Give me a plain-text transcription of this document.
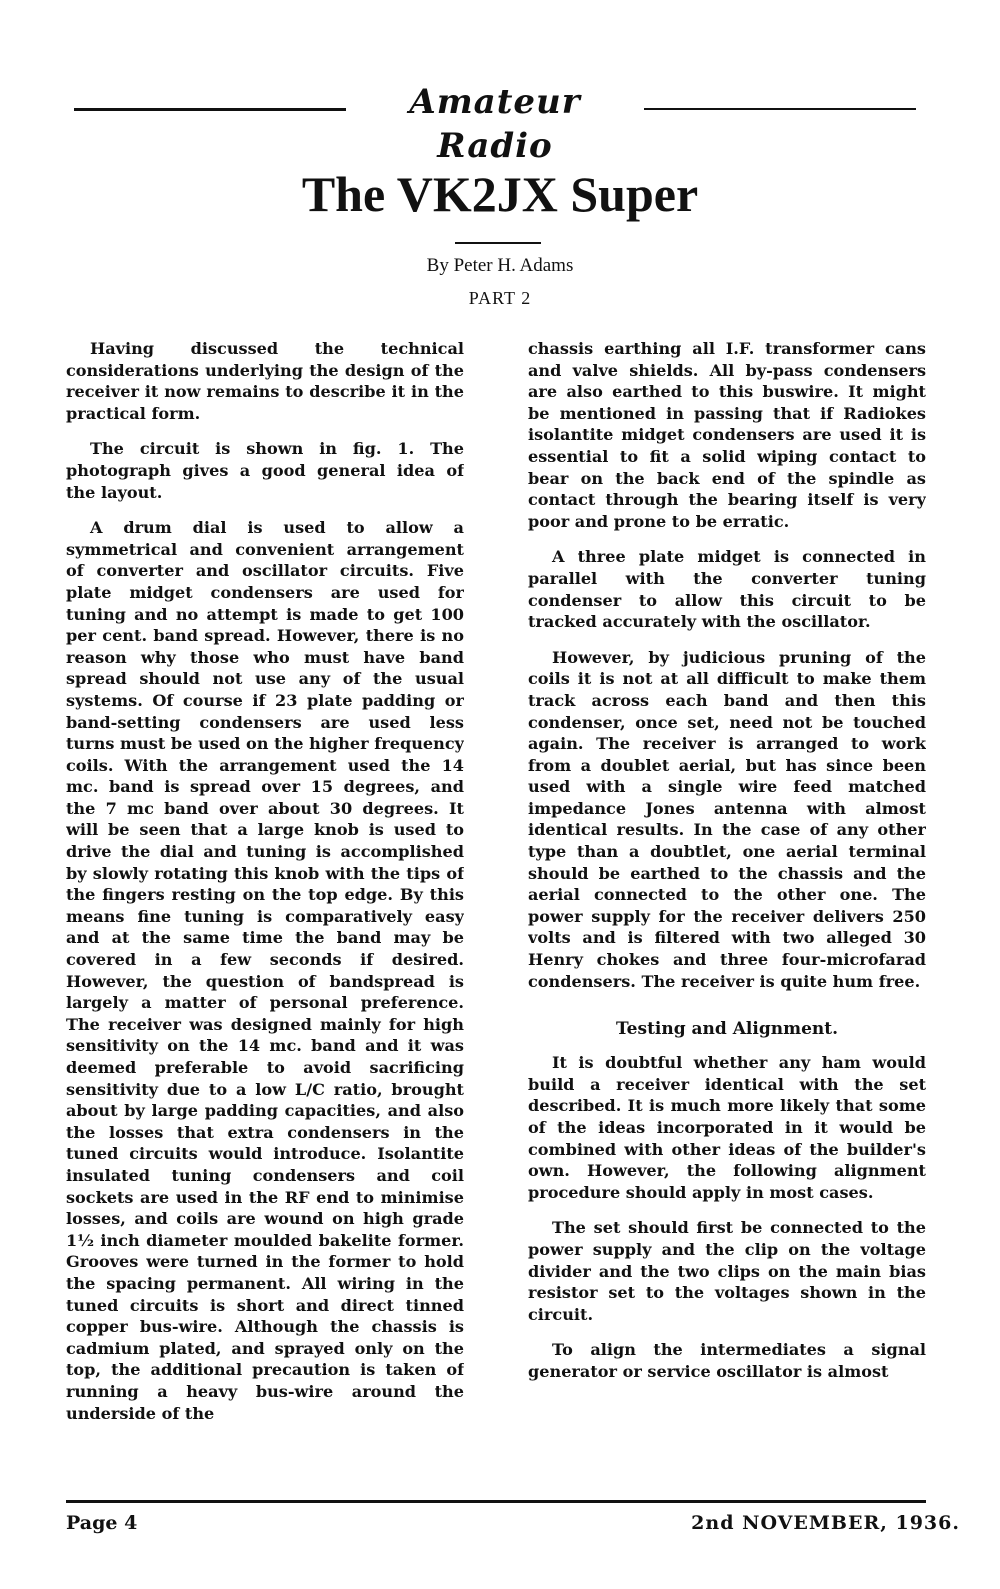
Amateur Radio
The VK2JX Super
By Peter H. Adams
PART 2

Having discussed the technical considerations underlying the design of the receiver it now remains to describe it in the practical form.

The circuit is shown in fig. 1. The photograph gives a good general idea of the layout.

A drum dial is used to allow a symmetrical and convenient arrangement of converter and oscillator circuits. Five plate midget condensers are used for tuning and no attempt is made to get 100 per cent. band spread. However, there is no reason why those who must have band spread should not use any of the usual systems. Of course if 23 plate padding or band-setting condensers are used less turns must be used on the higher frequency coils. With the arrangement used the 14 mc. band is spread over 15 degrees, and the 7 mc band over about 30 degrees. It will be seen that a large knob is used to drive the dial and tuning is accomplished by slowly rotating this knob with the tips of the fingers resting on the top edge. By this means fine tuning is comparatively easy and at the same time the band may be covered in a few seconds if desired. However, the question of bandspread is largely a matter of personal preference. The receiver was designed mainly for high sensitivity on the 14 mc. band and it was deemed preferable to avoid sacrificing sensitivity due to a low L/C ratio, brought about by large padding capacities, and also the losses that extra condensers in the tuned circuits would introduce. Isolantite insulated tuning condensers and coil sockets are used in the RF end to minimise losses, and coils are wound on high grade 1½ inch diameter moulded bakelite former. Grooves were turned in the former to hold the spacing permanent. All wiring in the tuned circuits is short and direct tinned copper bus-wire. Although the chassis is cadmium plated, and sprayed only on the top, the additional precaution is taken of running a heavy bus-wire around the underside of the

chassis earthing all I.F. transformer cans and valve shields. All by-pass condensers are also earthed to this buswire. It might be mentioned in passing that if Radiokes isolantite midget condensers are used it is essential to fit a solid wiping contact to bear on the back end of the spindle as contact through the bearing itself is very poor and prone to be erratic.

A three plate midget is connected in parallel with the converter tuning condenser to allow this circuit to be tracked accurately with the oscillator.

However, by judicious pruning of the coils it is not at all difficult to make them track across each band and then this condenser, once set, need not be touched again. The receiver is arranged to work from a doublet aerial, but has since been used with a single wire feed matched impedance Jones antenna with almost identical results. In the case of any other type than a doubtlet, one aerial terminal should be earthed to the chassis and the aerial connected to the other one. The power supply for the receiver delivers 250 volts and is filtered with two alleged 30 Henry chokes and three four-microfarad condensers. The receiver is quite hum free.

Testing and Alignment.

It is doubtful whether any ham would build a receiver identical with the set described. It is much more likely that some of the ideas incorporated in it would be combined with other ideas of the builder's own. However, the following alignment procedure should apply in most cases.

The set should first be connected to the power supply and the clip on the voltage divider and the two clips on the main bias resistor set to the voltages shown in the circuit.

To align the intermediates a signal generator or service oscillator is almost

Page 4	2nd NOVEMBER, 1936.
